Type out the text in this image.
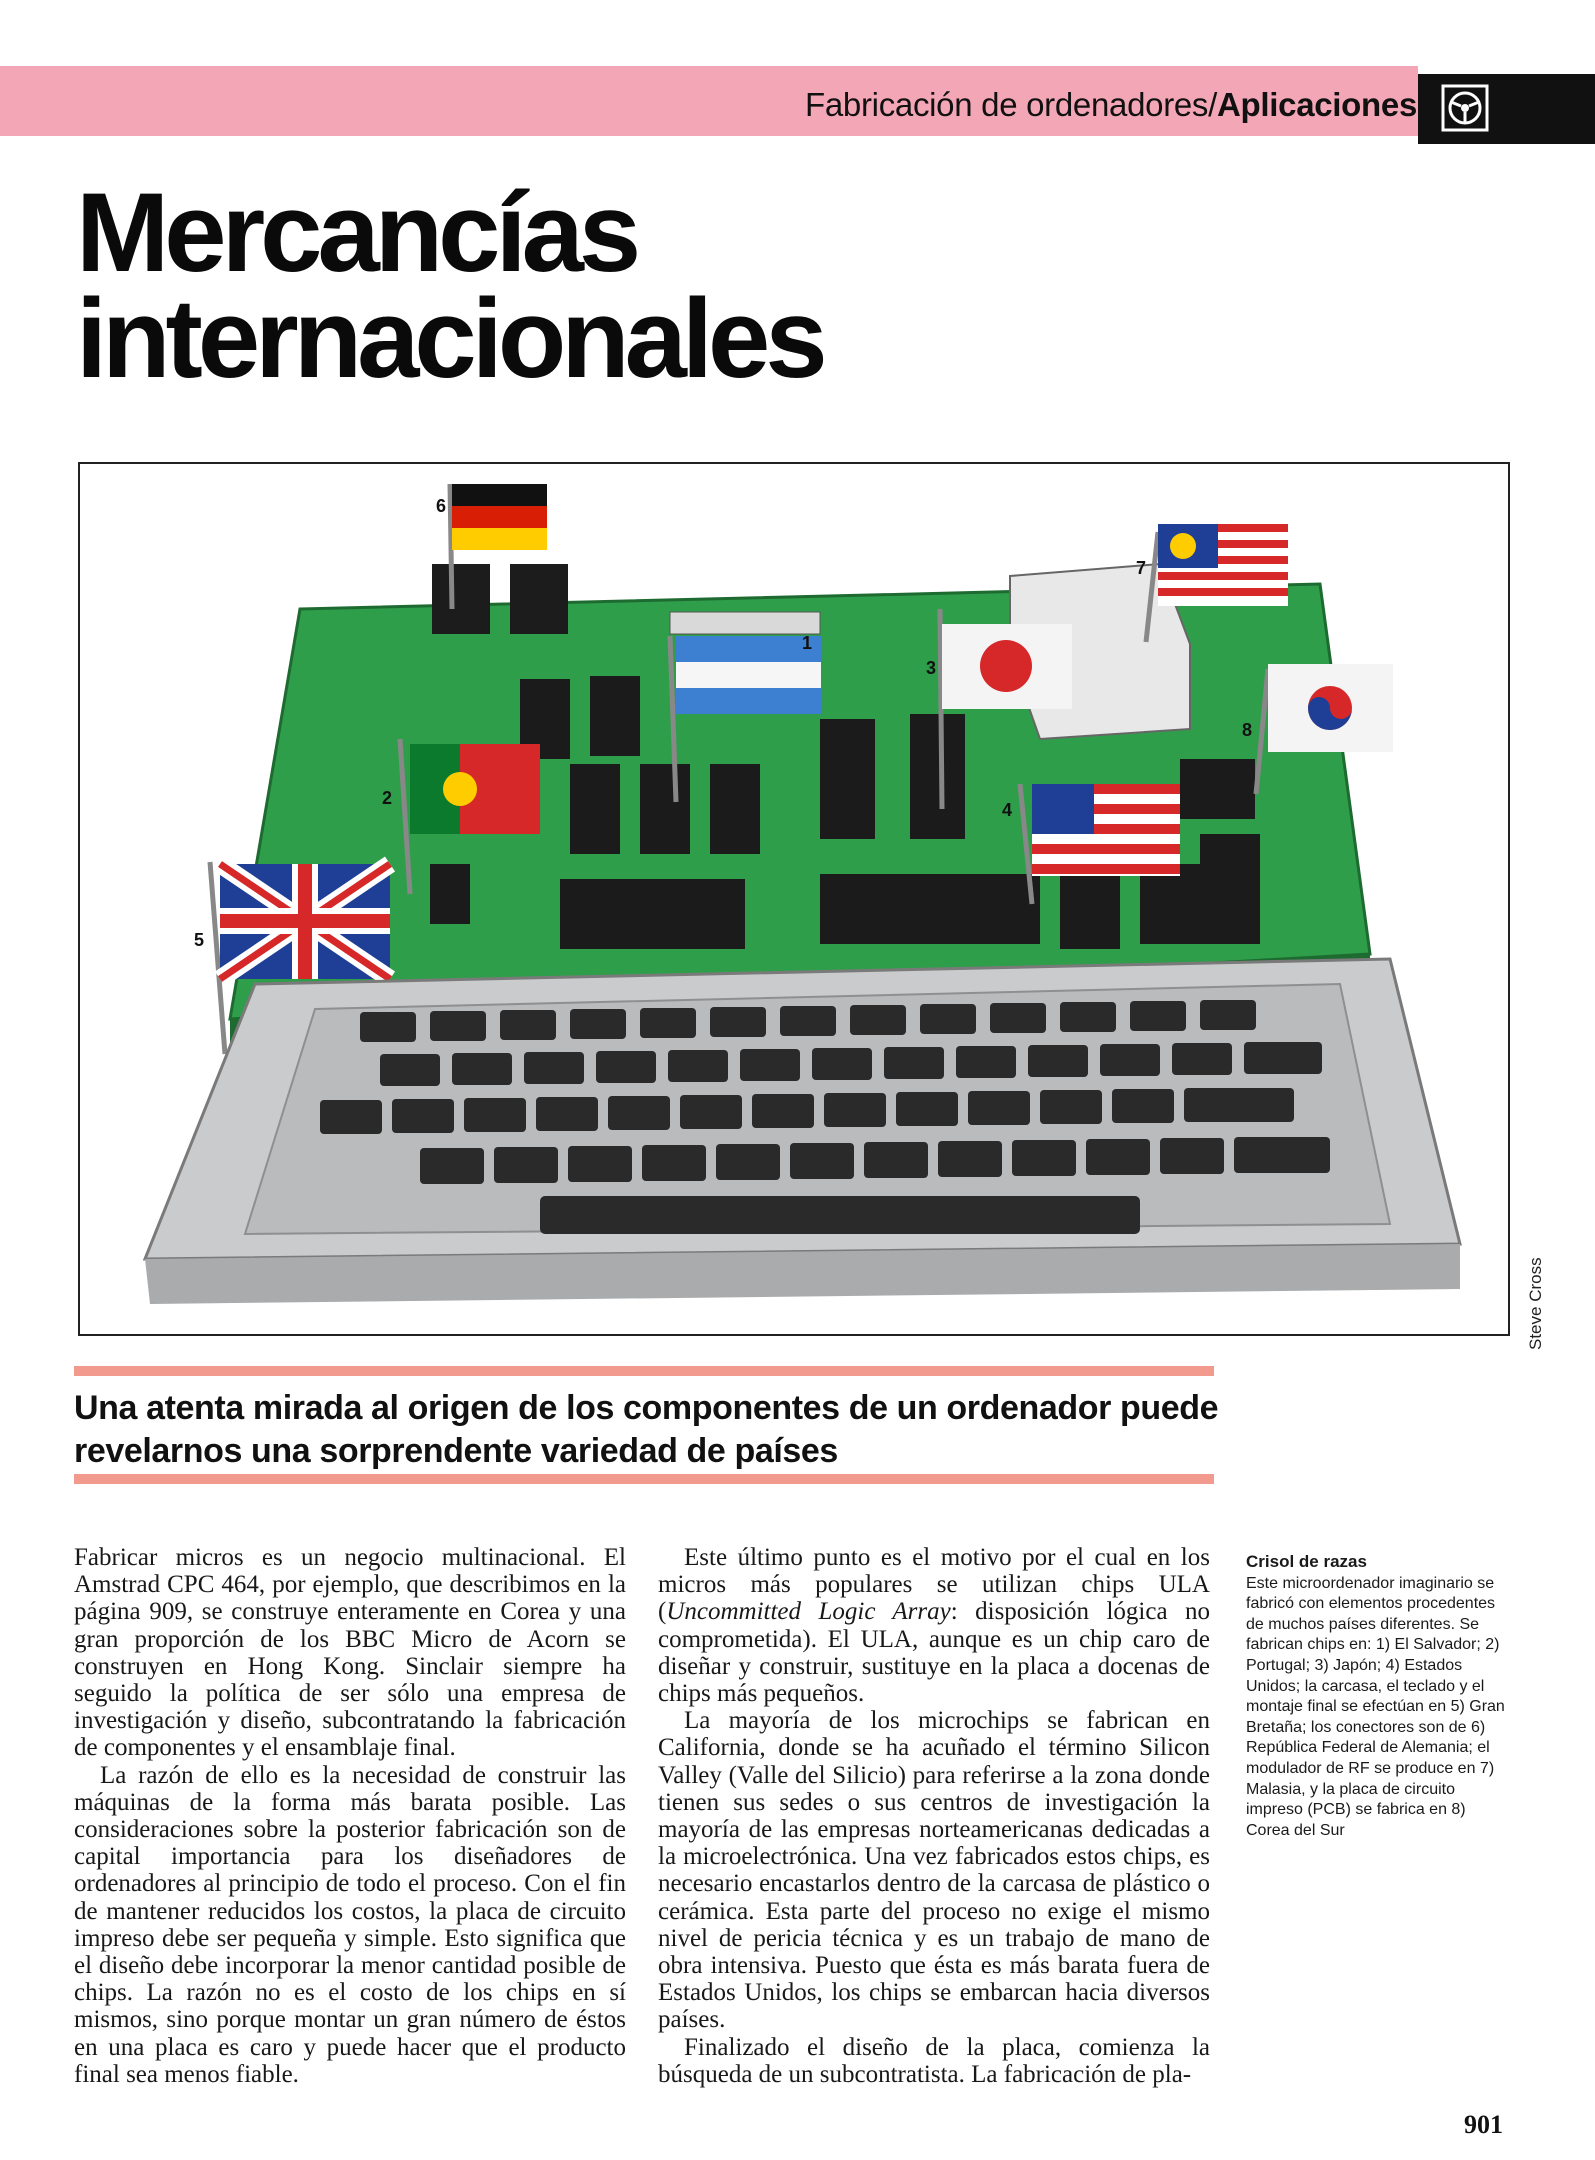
Fabricación de ordenadores/Aplicaciones
Mercancías
internacionales
1
2
3
4
5
6
7
8
Steve Cross
Una atenta mirada al origen de los componentes de un ordenador puede revelarnos una sorprendente variedad de países

Fabricar micros es un negocio multinacional. El Amstrad CPC 464, por ejemplo, que describimos en la página 909, se construye enteramente en Corea y una gran proporción de los BBC Micro de Acorn se construyen en Hong Kong. Sinclair siempre ha seguido la política de ser sólo una empresa de investigación y diseño, subcontratando la fabricación de componentes y el ensamblaje final.

La razón de ello es la necesidad de construir las máquinas de la forma más barata posible. Las consideraciones sobre la posterior fabricación son de capital importancia para los diseñadores de ordenadores al principio de todo el proceso. Con el fin de mantener reducidos los costos, la placa de circuito impreso debe ser pequeña y simple. Esto significa que el diseño debe incorporar la menor cantidad posible de chips. La razón no es el costo de los chips en sí mismos, sino porque montar un gran número de éstos en una placa es caro y puede hacer que el producto final sea menos fiable.

Este último punto es el motivo por el cual en los micros más populares se utilizan chips ULA (Uncommitted Logic Array: disposición lógica no comprometida). El ULA, aunque es un chip caro de diseñar y construir, sustituye en la placa a docenas de chips más pequeños.

La mayoría de los microchips se fabrican en California, donde se ha acuñado el término Silicon Valley (Valle del Silicio) para referirse a la zona donde tienen sus sedes o sus centros de investigación la mayoría de las empresas norteamericanas dedicadas a la microelectrónica. Una vez fabricados estos chips, es necesario encastarlos dentro de la carcasa de plástico o cerámica. Esta parte del proceso no exige el mismo nivel de pericia técnica y es un trabajo de mano de obra intensiva. Puesto que ésta es más barata fuera de Estados Unidos, los chips se embarcan hacia diversos países.

Finalizado el diseño de la placa, comienza la búsqueda de un subcontratista. La fabricación de pla-

Crisol de razas
Este microordenador imaginario se fabricó con elementos procedentes de muchos países diferentes. Se fabrican chips en: 1) El Salvador; 2) Portugal; 3) Japón; 4) Estados Unidos; la carcasa, el teclado y el montaje final se efectúan en 5) Gran Bretaña; los conectores son de 6) República Federal de Alemania; el modulador de RF se produce en 7) Malasia, y la placa de circuito impreso (PCB) se fabrica en 8) Corea del Sur
901
